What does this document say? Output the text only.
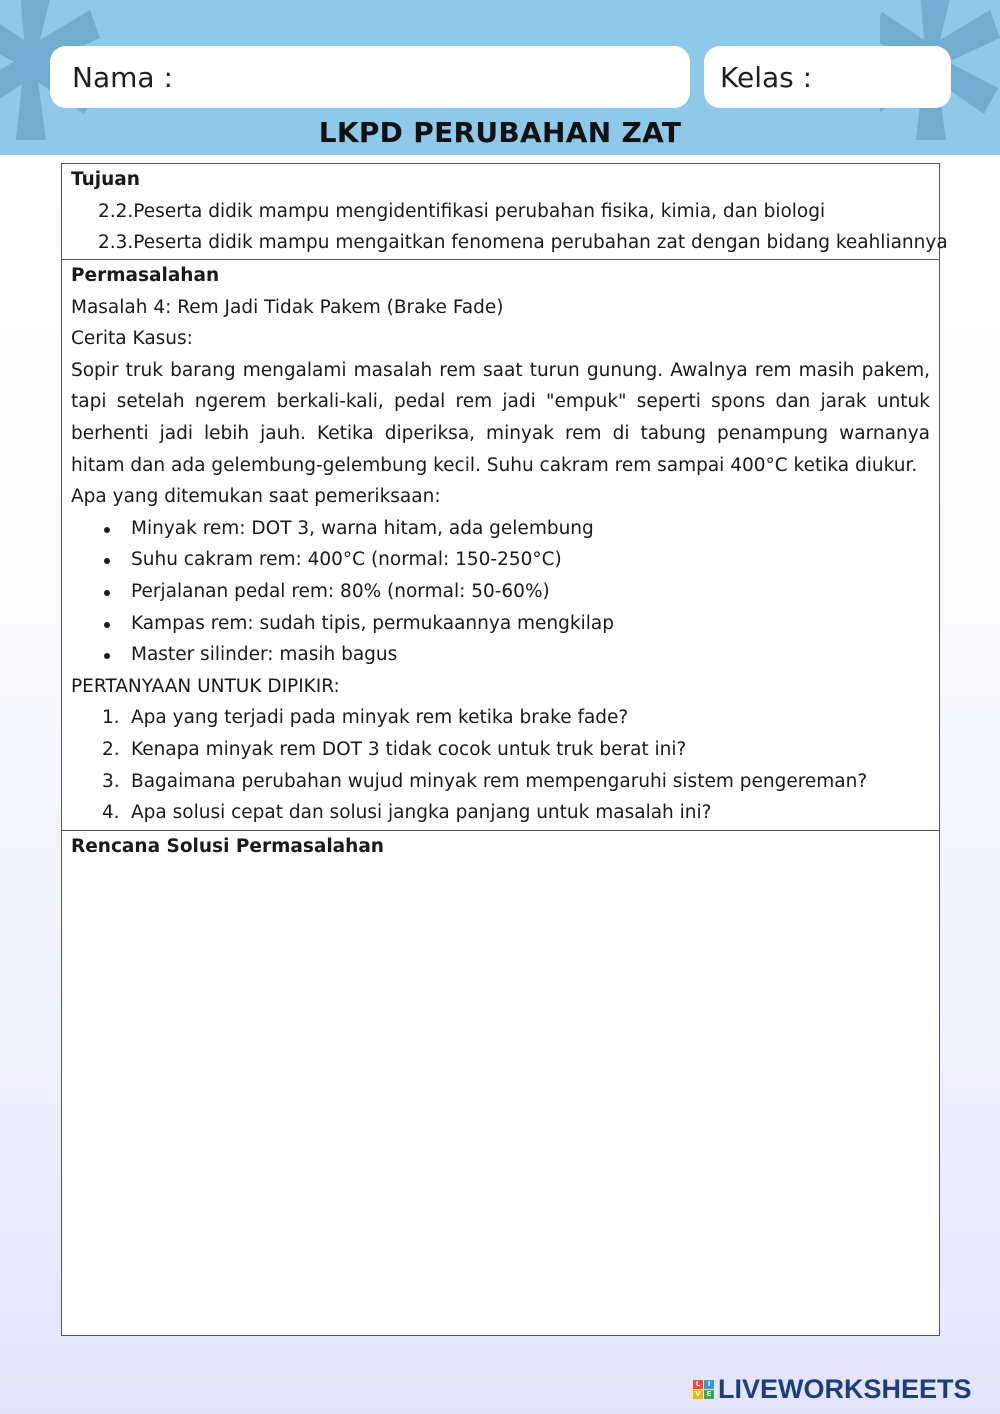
Nama :	Kelas :
LKPD PERUBAHAN ZAT
Tujuan
2.2.Peserta didik mampu mengidentifikasi perubahan fisika, kimia, dan biologi
2.3.Peserta didik mampu mengaitkan fenomena perubahan zat dengan bidang keahliannya
Permasalahan
Masalah 4: Rem Jadi Tidak Pakem (Brake Fade)
Cerita Kasus:
Sopir truk barang mengalami masalah rem saat turun gunung. Awalnya rem masih pakem, tapi setelah ngerem berkali-kali, pedal rem jadi "empuk" seperti spons dan jarak untuk berhenti jadi lebih jauh. Ketika diperiksa, minyak rem di tabung penampung warnanya hitam dan ada gelembung-gelembung kecil. Suhu cakram rem sampai 400°C ketika diukur.
Apa yang ditemukan saat pemeriksaan:
Minyak rem: DOT 3, warna hitam, ada gelembung
Suhu cakram rem: 400°C (normal: 150-250°C)
Perjalanan pedal rem: 80% (normal: 50-60%)
Kampas rem: sudah tipis, permukaannya mengkilap
Master silinder: masih bagus
PERTANYAAN UNTUK DIPIKIR:
1. Apa yang terjadi pada minyak rem ketika brake fade?
2. Kenapa minyak rem DOT 3 tidak cocok untuk truk berat ini?
3. Bagaimana perubahan wujud minyak rem mempengaruhi sistem pengereman?
4. Apa solusi cepat dan solusi jangka panjang untuk masalah ini?
Rencana Solusi Permasalahan
L	I
V E LIVEWORKSHEETS
